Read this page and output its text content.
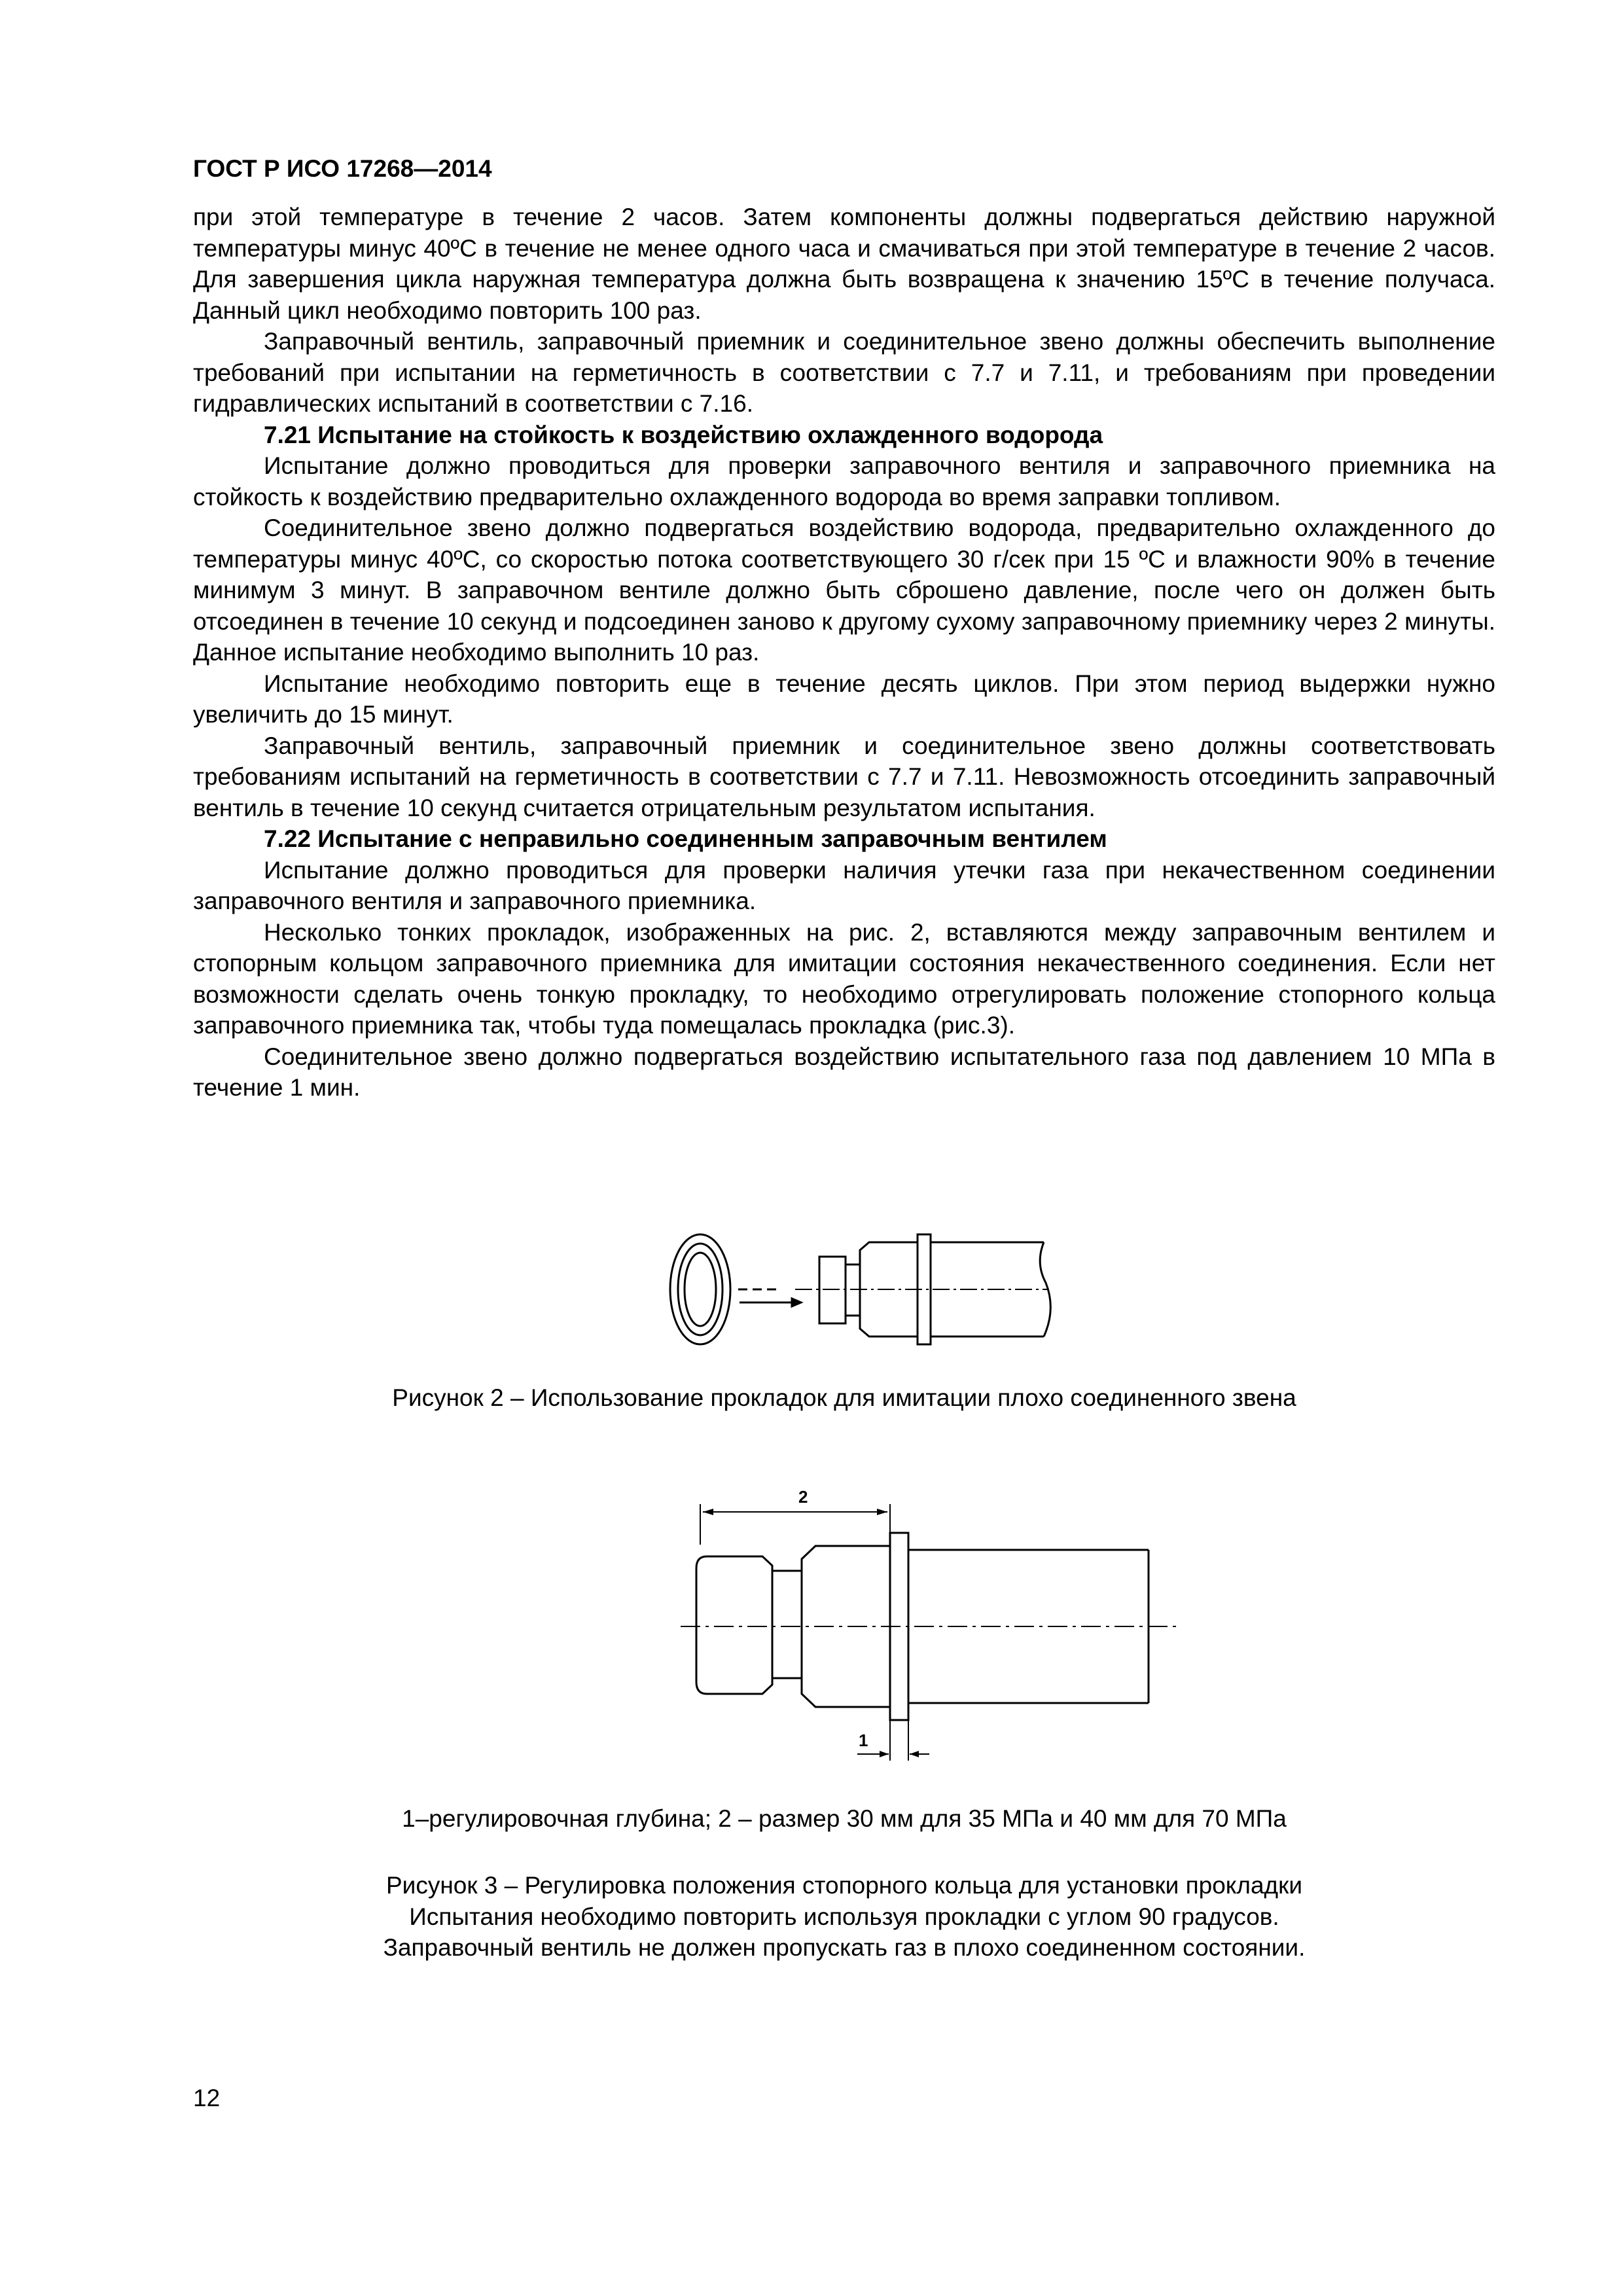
ГОСТ Р ИСО 17268—2014

при этой температуре в течение 2 часов. Затем компоненты должны подвергаться действию наружной температуры минус 40ºC в течение не менее одного часа и смачиваться при этой температуре в течение 2 часов. Для завершения цикла наружная температура должна быть возвращена к значению 15ºC в течение получаса. Данный цикл необходимо повторить 100 раз.

Заправочный вентиль, заправочный приемник и соединительное звено должны обеспечить выполнение требований при испытании на герметичность в соответствии с 7.7 и 7.11, и требованиям при проведении гидравлических испытаний в соответствии с 7.16.

7.21 Испытание на стойкость к воздействию охлажденного водорода

Испытание должно проводиться для проверки заправочного вентиля и заправочного приемника на стойкость к воздействию предварительно охлажденного водорода во время заправки топливом.

Соединительное звено должно подвергаться воздействию водорода, предварительно охлажденного до температуры минус 40ºC, со скоростью потока соответствующего 30 г/сек при 15 ºС и влажности 90% в течение минимум 3 минут. В заправочном вентиле должно быть сброшено давление, после чего он должен быть отсоединен в течение 10 секунд и подсоединен заново к другому сухому заправочному приемнику через 2 минуты. Данное испытание необходимо выполнить 10 раз.

Испытание необходимо повторить еще в течение десять циклов. При этом период выдержки нужно увеличить до 15 минут.

Заправочный вентиль, заправочный приемник и соединительное звено должны соответствовать требованиям испытаний на герметичность в соответствии с 7.7 и 7.11. Невозможность отсоединить заправочный вентиль в течение 10 секунд считается отрицательным результатом испытания.

7.22 Испытание с неправильно соединенным заправочным вентилем

Испытание должно проводиться для проверки наличия утечки газа при некачественном соединении заправочного вентиля и заправочного приемника.

Несколько тонких прокладок, изображенных на рис. 2, вставляются между заправочным вентилем и стопорным кольцом заправочного приемника для имитации состояния некачественного соединения. Если нет возможности сделать очень тонкую прокладку, то необходимо отрегулировать положение стопорного кольца заправочного приемника так, чтобы туда помещалась прокладка (рис.3).

Соединительное звено должно подвергаться воздействию испытательного газа под давлением 10 МПа в течение 1 мин.

Рисунок 2 – Использование прокладок для имитации плохо соединенного звена
2
1
1–регулировочная глубина; 2 – размер 30 мм для 35 МПа и 40 мм для 70 МПа
Рисунок 3 – Регулировка положения стопорного кольца для установки прокладки
Испытания необходимо повторить используя прокладки с углом 90 градусов.
Заправочный вентиль не должен пропускать газ в плохо соединенном состоянии.
12
